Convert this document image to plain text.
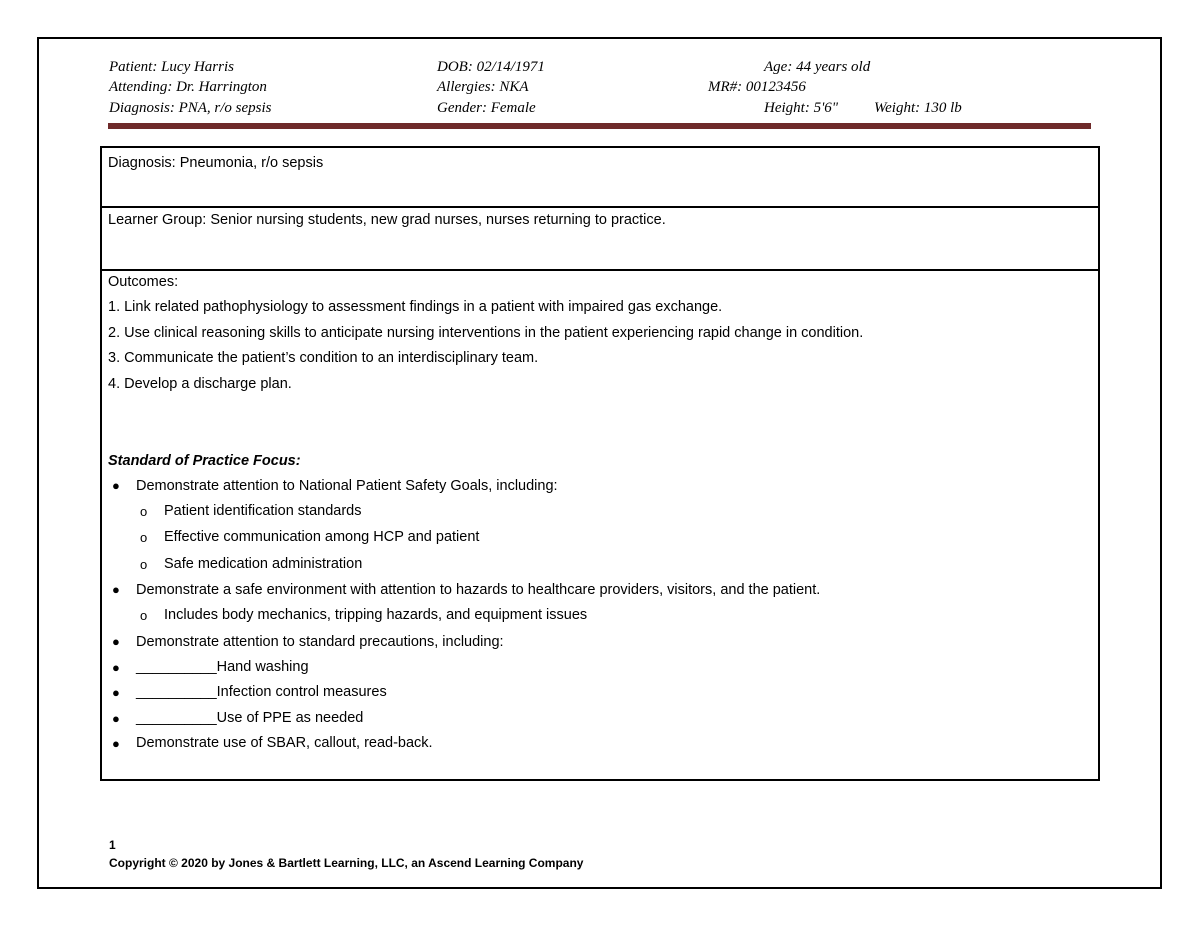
Patient: Lucy Harris
Attending: Dr. Harrington
Diagnosis: PNA, r/o sepsis
DOB: 02/14/1971
Allergies: NKA
Gender: Female
Age: 44 years old
MR#: 00123456
Height: 5'6" Weight: 130 lb
Diagnosis: Pneumonia, r/o sepsis
Learner Group: Senior nursing students, new grad nurses, nurses returning to practice.
Outcomes:
1. Link related pathophysiology to assessment findings in a patient with impaired gas exchange.
2. Use clinical reasoning skills to anticipate nursing interventions in the patient experiencing rapid change in condition.
3. Communicate the patient’s condition to an interdisciplinary team.
4. Develop a discharge plan.
Standard of Practice Focus:
● Demonstrate attention to National Patient Safety Goals, including:
o Patient identification standards
o Effective communication among HCP and patient
o Safe medication administration
● Demonstrate a safe environment with attention to hazards to healthcare providers, visitors, and the patient.
o Includes body mechanics, tripping hazards, and equipment issues
● Demonstrate attention to standard precautions, including:
● __________Hand washing
● __________Infection control measures
● __________Use of PPE as needed
● Demonstrate use of SBAR, callout, read-back.
1
Copyright © 2020 by Jones & Bartlett Learning, LLC, an Ascend Learning Company
